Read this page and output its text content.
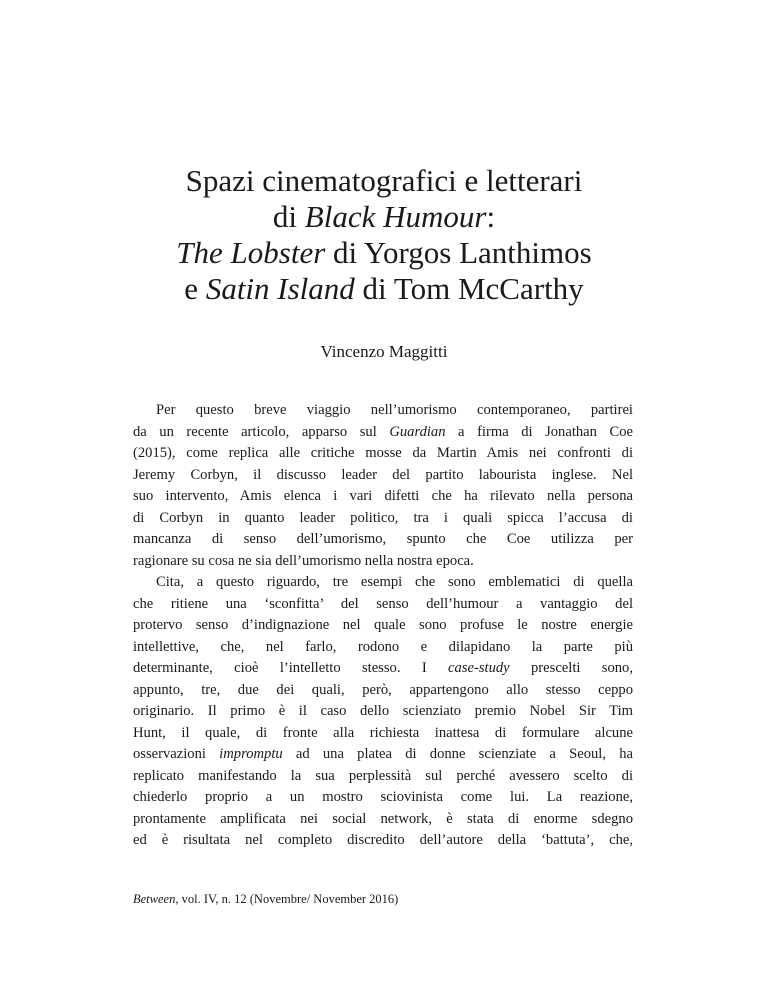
Spazi cinematografici e letterari
di Black Humour:
The Lobster di Yorgos Lanthimos
e Satin Island di Tom McCarthy
Vincenzo Maggitti
Per questo breve viaggio nell’umorismo contemporaneo, partirei
da un recente articolo, apparso sul Guardian a firma di Jonathan Coe
(2015), come replica alle critiche mosse da Martin Amis nei confronti di
Jeremy Corbyn, il discusso leader del partito labourista inglese. Nel
suo intervento, Amis elenca i vari difetti che ha rilevato nella persona
di Corbyn in quanto leader politico, tra i quali spicca l’accusa di
mancanza di senso dell’umorismo, spunto che Coe utilizza per
ragionare su cosa ne sia dell’umorismo nella nostra epoca.
Cita, a questo riguardo, tre esempi che sono emblematici di quella
che ritiene una ‘sconfitta’ del senso dell’humour a vantaggio del
protervo senso d’indignazione nel quale sono profuse le nostre energie
intellettive, che, nel farlo, rodono e dilapidano la parte più
determinante, cioè l’intelletto stesso. I case-study prescelti sono,
appunto, tre, due dei quali, però, appartengono allo stesso ceppo
originario. Il primo è il caso dello scienziato premio Nobel Sir Tim
Hunt, il quale, di fronte alla richiesta inattesa di formulare alcune
osservazioni impromptu ad una platea di donne scienziate a Seoul, ha
replicato manifestando la sua perplessità sul perché avessero scelto di
chiederlo proprio a un mostro sciovinista come lui. La reazione,
prontamente amplificata nei social network, è stata di enorme sdegno
ed è risultata nel completo discredito dell’autore della ‘battuta’, che,
Between, vol. IV, n. 12 (Novembre/ November 2016)
